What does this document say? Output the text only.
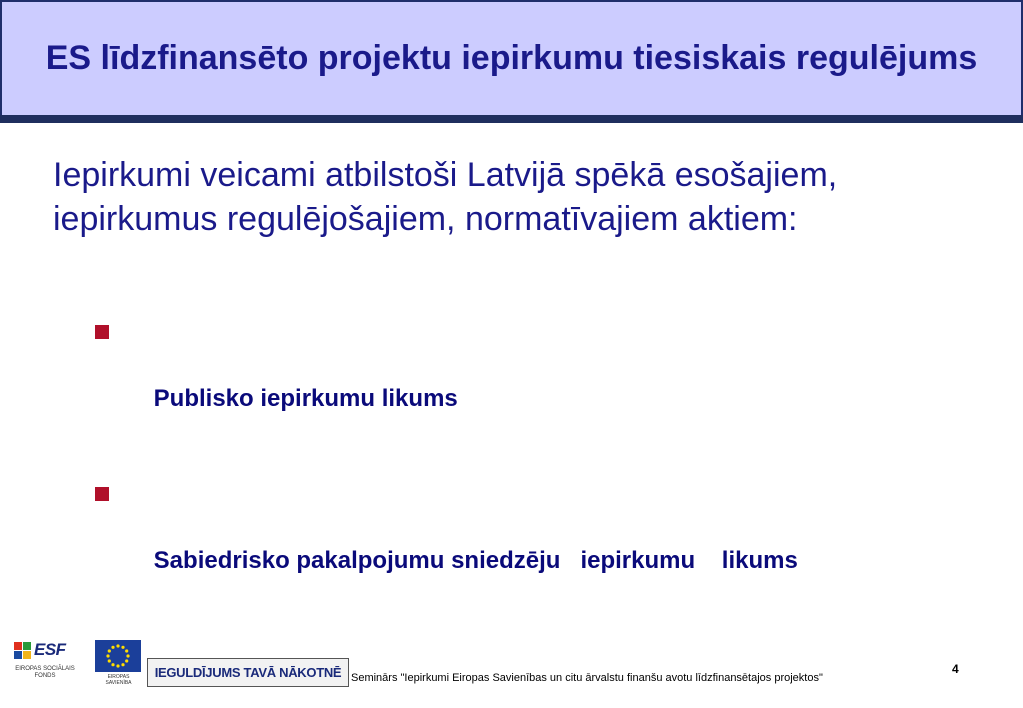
ES līdzfinansēto projektu iepirkumu tiesiskais regulējums

Iepirkumi veicami atbilstoši Latvijā spēkā esošajiem, iepirkumus regulējošajiem, normatīvajiem aktiem:

Publisko iepirkumu likums

Sabiedrisko pakalpojumu sniedzēju   iepirkumu    likums

ESF
EIROPAS SOCIĀLAIS FONDS	EIROPAS SAVIENĪBA
IEGULDĪJUMS TAVĀ NĀKOTNĒ Seminārs "Iepirkumi Eiropas Savienības un citu ārvalstu finanšu avotu līdzfinansētajos projektos"
4
